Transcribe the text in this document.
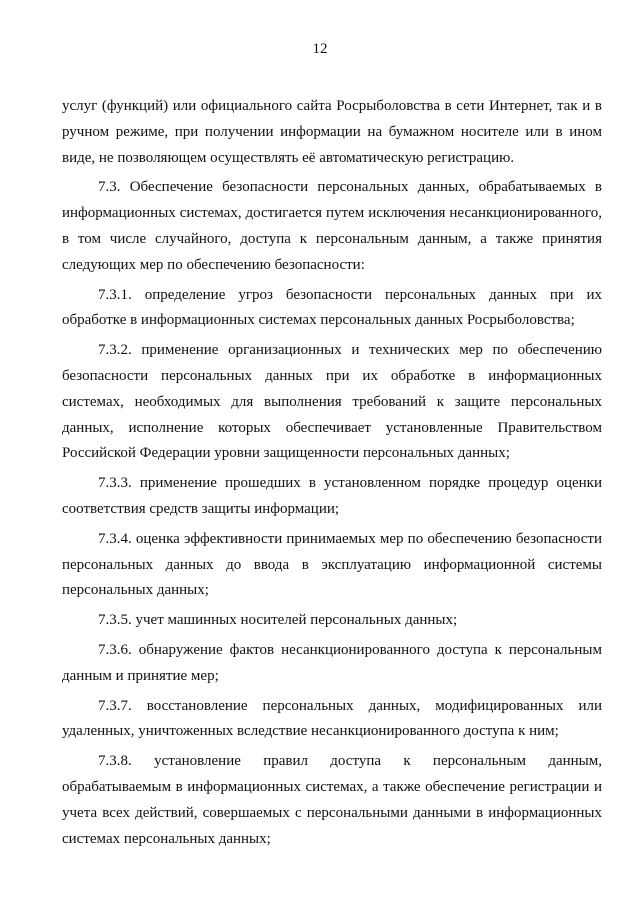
12

услуг (функций) или официального сайта Росрыболовства в сети Интернет, так и в ручном режиме, при получении информации на бумажном носителе или в ином виде, не позволяющем осуществлять её автоматическую регистрацию.

7.3. Обеспечение безопасности персональных данных, обрабатываемых в информационных системах, достигается путем исключения несанкционированного, в том числе случайного, доступа к персональным данным, а также принятия следующих мер по обеспечению безопасности:

7.3.1. определение угроз безопасности персональных данных при их обработке в информационных системах персональных данных Росрыболовства;

7.3.2. применение организационных и технических мер по обеспечению безопасности персональных данных при их обработке в информационных системах, необходимых для выполнения требований к защите персональных данных, исполнение которых обеспечивает установленные Правительством Российской Федерации уровни защищенности персональных данных;

7.3.3. применение прошедших в установленном порядке процедур оценки соответствия средств защиты информации;

7.3.4. оценка эффективности принимаемых мер по обеспечению безопасности персональных данных до ввода в эксплуатацию информационной системы персональных данных;

7.3.5. учет машинных носителей персональных данных;

7.3.6. обнаружение фактов несанкционированного доступа к персональным данным и принятие мер;

7.3.7. восстановление персональных данных, модифицированных или удаленных, уничтоженных вследствие несанкционированного доступа к ним;

7.3.8. установление правил доступа к персональным данным, обрабатываемым в информационных системах, а также обеспечение регистрации и учета всех действий, совершаемых с персональными данными в информационных системах персональных данных;
